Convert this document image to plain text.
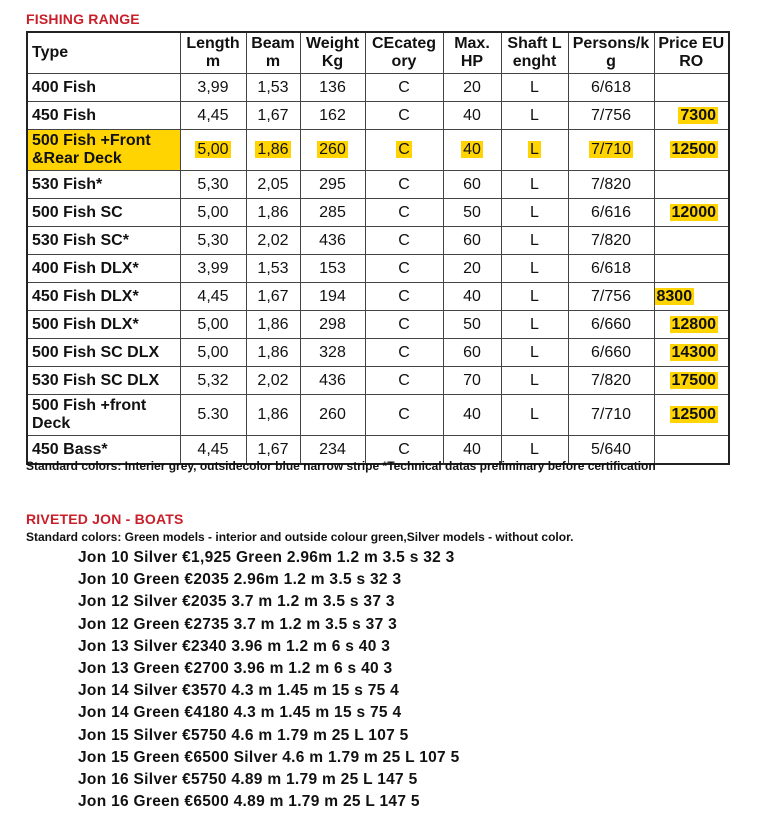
FISHING RANGE
Type	Length m	Beam m	Weight Kg	CEcategory	Max. HP	Shaft Lenght	Persons/kg	Price EURO
400 Fish	3,99	1,53	136	C	20	L	6/618	
450 Fish	4,45	1,67	162	C	40	L	7/756	7300
500 Fish +Front &Rear Deck	5,00	1,86	260	C	40	L	7/710	12500
530 Fish*	5,30	2,05	295	C	60	L	7/820	
500 Fish SC	5,00	1,86	285	C	50	L	6/616	12000
530 Fish SC*	5,30	2,02	436	C	60	L	7/820	
400 Fish DLX*	3,99	1,53	153	C	20	L	6/618	
450 Fish DLX*	4,45	1,67	194	C	40	L	7/756	8300
500 Fish DLX*	5,00	1,86	298	C	50	L	6/660	12800
500 Fish SC DLX	5,00	1,86	328	C	60	L	6/660	14300
530 Fish SC DLX	5,32	2,02	436	C	70	L	7/820	17500
500 Fish +front Deck	5.30	1,86	260	C	40	L	7/710	12500
450 Bass*	4,45	1,67	234	C	40	L	5/640	
Standard colors: Interier grey, outsidecolor blue narrow stripe *Technical datas preliminary before certification
RIVETED JON - BOATS
Standard colors: Green models - interior and outside colour green,Silver models - without color.
Jon 10 Silver €1,925 Green 2.96m 1.2 m 3.5 s 32 3
Jon 10 Green €2035 2.96m 1.2 m 3.5 s 32 3
Jon 12 Silver €2035 3.7 m 1.2 m 3.5 s 37 3
Jon 12 Green €2735 3.7 m 1.2 m 3.5 s 37 3
Jon 13 Silver €2340 3.96 m 1.2 m 6 s 40 3
Jon 13 Green €2700 3.96 m 1.2 m 6 s 40 3
Jon 14 Silver €3570 4.3 m 1.45 m 15 s 75 4
Jon 14 Green €4180 4.3 m 1.45 m 15 s 75 4
Jon 15 Silver €5750 4.6 m 1.79 m 25 L 107 5
Jon 15 Green €6500 Silver 4.6 m 1.79 m 25 L 107 5
Jon 16 Silver €5750 4.89 m 1.79 m 25 L 147 5
Jon 16 Green €6500 4.89 m 1.79 m 25 L 147 5
